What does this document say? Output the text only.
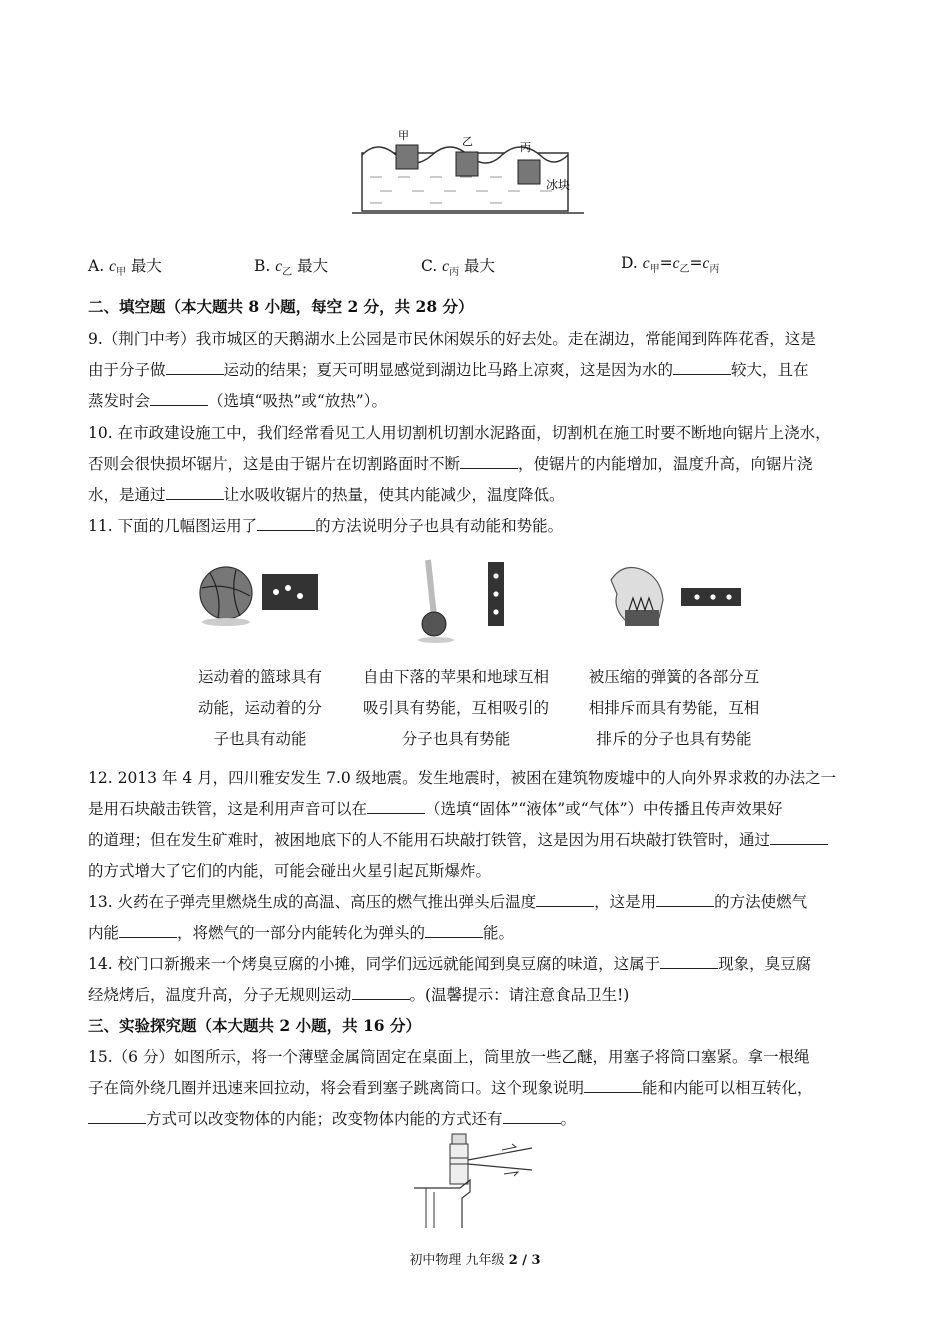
甲	乙	丙
冰块
A. $c_甲$ 最大	B. $c_乙$ 最大	C. $c_丙$ 最大	D. $c_甲=c_乙=c_丙$
二、填空题（本大题共 8 小题，每空 2 分，共 28 分）
9.（荆门中考）我市城区的天鹅湖水上公园是市民休闲娱乐的好去处。走在湖边，常能闻到阵阵花香，这是
由于分子做	运动的结果；夏天可明显感觉到湖边比马路上凉爽，这是因为水的	较大，且在
蒸发时会	（选填“吸热”或“放热”）。
10. 在市政建设施工中，我们经常看见工人用切割机切割水泥路面，切割机在施工时要不断地向锯片上浇水，
否则会很快损坏锯片，这是由于锯片在切割路面时不断	，使锯片的内能增加，温度升高，向锯片浇
水，是通过	让水吸收锯片的热量，使其内能减少，温度降低。
11. 下面的几幅图运用了	的方法说明分子也具有动能和势能。
运动着的篮球具有
动能，运动着的分
子也具有动能
自由下落的苹果和地球互相
吸引具有势能，互相吸引的
分子也具有势能
被压缩的弹簧的各部分互
相排斥而具有势能，互相
排斥的分子也具有势能
12. 2013 年 4 月，四川雅安发生 7.0 级地震。发生地震时，被困在建筑物废墟中的人向外界求救的办法之一
是用石块敲击铁管，这是利用声音可以在	（选填“固体”“液体”或“气体”）中传播且传声效果好
的道理；但在发生矿难时，被困地底下的人不能用石块敲打铁管，这是因为用石块敲打铁管时，通过
的方式增大了它们的内能，可能会碰出火星引起瓦斯爆炸。
13. 火药在子弹壳里燃烧生成的高温、高压的燃气推出弹头后温度	，这是用	的方法使燃气
内能	，将燃气的一部分内能转化为弹头的	能。
14. 校门口新搬来一个烤臭豆腐的小摊，同学们远远就能闻到臭豆腐的味道，这属于	现象，臭豆腐
经烧烤后，温度升高，分子无规则运动	。(温馨提示：请注意食品卫生!)
三、实验探究题（本大题共 2 小题，共 16 分）
15.（6 分）如图所示，将一个薄壁金属筒固定在桌面上，筒里放一些乙醚，用塞子将筒口塞紧。拿一根绳
子在筒外绕几圈并迅速来回拉动，将会看到塞子跳离筒口。这个现象说明	能和内能可以相互转化，
方式可以改变物体的内能；改变物体内能的方式还有	。
初中物理 九年级 2 / 3
